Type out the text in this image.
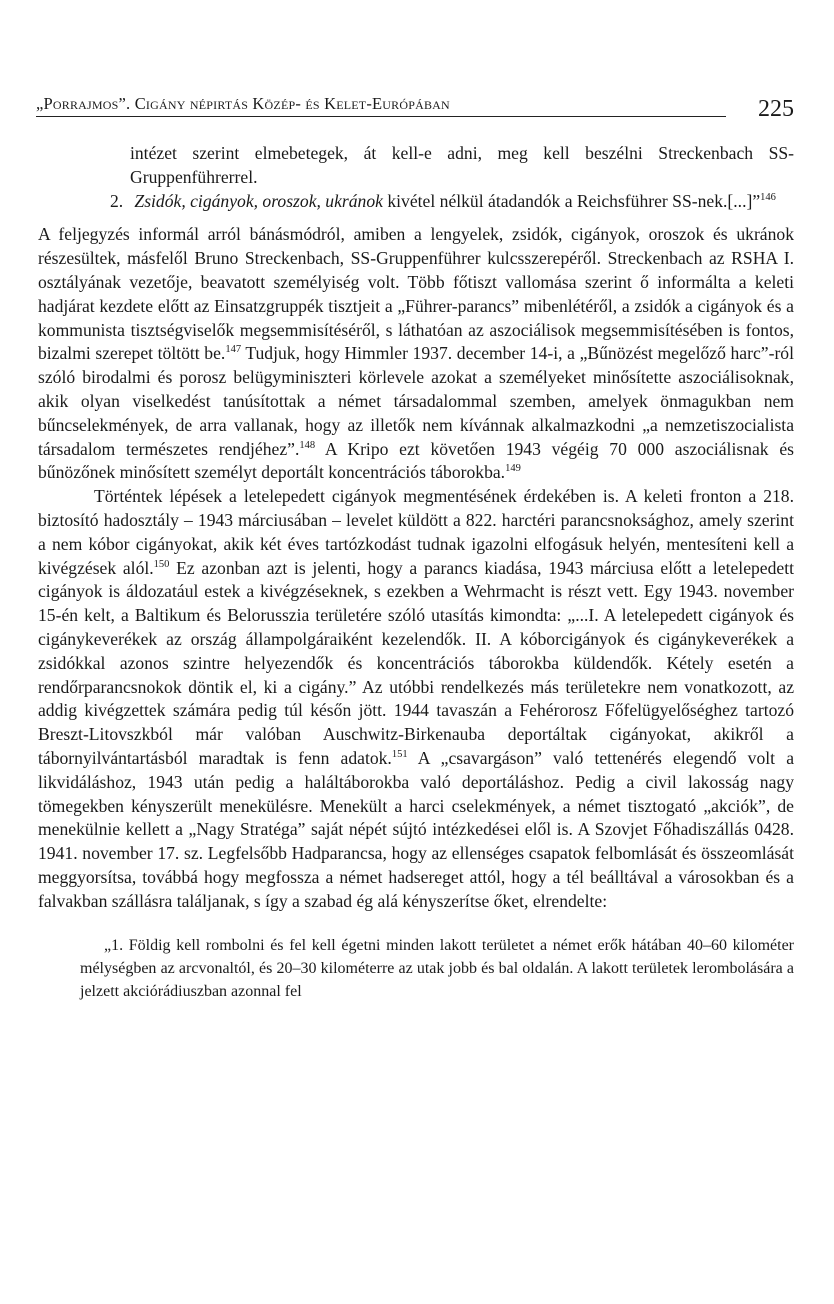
„Porrajmos”. Cigány népirtás Közép- és Kelet-Európában	225

intézet szerint elmebetegek, át kell-e adni, meg kell beszélni Streckenbach SS-Gruppenführerrel.

2. Zsidók, cigányok, oroszok, ukránok kivétel nélkül átadandók a Reichsführer SS-nek.[...]”$^{146}$

A feljegyzés informál arról bánásmódról, amiben a lengyelek, zsidók, cigányok, oroszok és ukránok részesültek, másfelől Bruno Streckenbach, SS-Gruppenführer kulcsszerepéről. Streckenbach az RSHA I. osztályának vezetője, beavatott személyiség volt. Több főtiszt vallomása szerint ő informálta a keleti hadjárat kezdete előtt az Einsatzgruppék tisztjeit a „Führer-parancs” mibenlétéről, a zsidók a cigányok és a kommunista tisztségviselők megsemmisítéséről, s láthatóan az aszociálisok megsemmisítésében is fontos, bizalmi szerepet töltött be.$^{147}$ Tudjuk, hogy Himmler 1937. december 14-i, a „Bűnözést megelőző harc”-ról szóló birodalmi és porosz belügyminiszteri körlevele azokat a személyeket minősítette aszociálisoknak, akik olyan viselkedést tanúsítottak a német társadalommal szemben, amelyek önmagukban nem bűncselekmények, de arra vallanak, hogy az illetők nem kívánnak alkalmazkodni „a nemzetiszocialista társadalom természetes rendjéhez”.$^{148}$ A Kripo ezt követően 1943 végéig 70 000 aszociálisnak és bűnözőnek minősített személyt deportált koncentrációs táborokba.$^{149}$

Történtek lépések a letelepedett cigányok megmentésének érdekében is. A keleti fronton a 218. biztosító hadosztály – 1943 márciusában – levelet küldött a 822. harctéri parancsnoksághoz, amely szerint a nem kóbor cigányokat, akik két éves tartózkodást tudnak igazolni elfogásuk helyén, mentesíteni kell a kivégzések alól.$^{150}$ Ez azonban azt is jelenti, hogy a parancs kiadása, 1943 márciusa előtt a letelepedett cigányok is áldozatául estek a kivégzéseknek, s ezekben a Wehrmacht is részt vett. Egy 1943. november 15-én kelt, a Baltikum és Belorusszia területére szóló utasítás kimondta: „...I. A letelepedett cigányok és cigánykeverékek az ország állampolgáraiként kezelendők. II. A kóborcigányok és cigánykeverékek a zsidókkal azonos szintre helyezendők és koncentrációs táborokba küldendők. Kétely esetén a rendőrparancsnokok döntik el, ki a cigány.” Az utóbbi rendelkezés más területekre nem vonatkozott, az addig kivégzettek számára pedig túl későn jött. 1944 tavaszán a Fehérorosz Főfelügyelőséghez tartozó Breszt-Litovszkból már valóban Auschwitz-Birkenauba deportáltak cigányokat, akikről a tábornyilvántartásból maradtak is fenn adatok.$^{151}$ A „csavargáson” való tettenérés elegendő volt a likvidáláshoz, 1943 után pedig a haláltáborokba való deportáláshoz. Pedig a civil lakosság nagy tömegekben kényszerült menekülésre. Menekült a harci cselekmények, a német tisztogató „akciók”, de menekülnie kellett a „Nagy Stratéga” saját népét sújtó intézkedései elől is. A Szovjet Főhadiszállás 0428. 1941. november 17. sz. Legfelsőbb Hadparancsa, hogy az ellenséges csapatok felbomlását és összeomlását meggyorsítsa, továbbá hogy megfossza a német hadsereget attól, hogy a tél beálltával a városokban és a falvakban szállásra találjanak, s így a szabad ég alá kényszerítse őket, elrendelte:

„1. Földig kell rombolni és fel kell égetni minden lakott területet a német erők hátában 40–60 kilométer mélységben az arcvonaltól, és 20–30 kilométerre az utak jobb és bal oldalán. A lakott területek lerombolására a jelzett akciórádiuszban azonnal fel
